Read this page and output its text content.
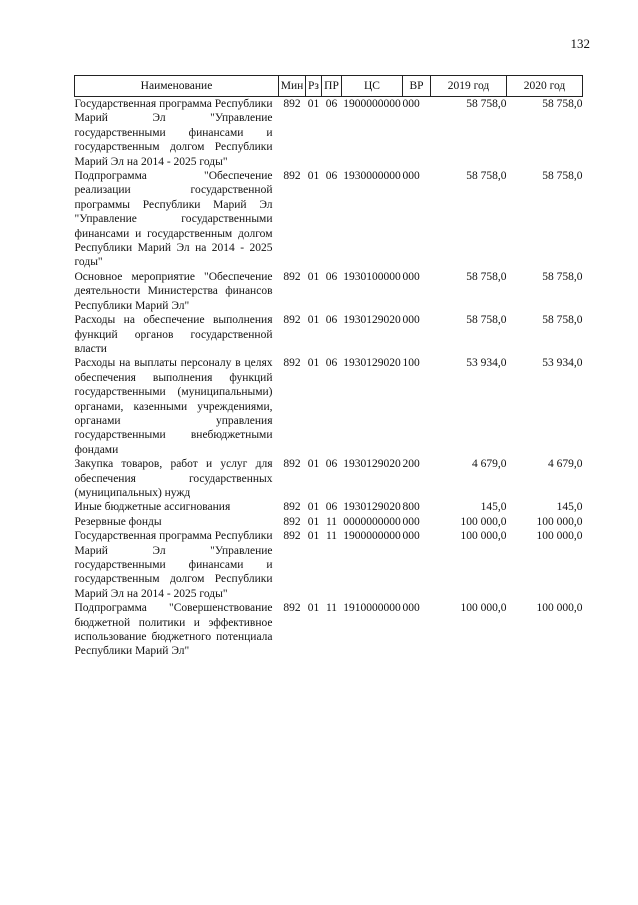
132
Наименование	Мин	Рз	ПР	ЦС	ВР	2019 год	2020 год
Государственная программа Республики Марий Эл "Управление государственными финансами и государственным долгом Республики Марий Эл на 2014 - 2025 годы"	892	01	06	1900000000	000	58 758,0	58 758,0
Подпрограмма "Обеспечение реализации государственной программы Республики Марий Эл "Управление государственными финансами и государственным долгом Республики Марий Эл на 2014 - 2025 годы"	892	01	06	1930000000	000	58 758,0	58 758,0
Основное мероприятие "Обеспечение деятельности Министерства финансов Республики Марий Эл"	892	01	06	1930100000	000	58 758,0	58 758,0
Расходы на обеспечение выполнения функций органов государственной власти	892	01	06	1930129020	000	58 758,0	58 758,0
Расходы на выплаты персоналу в целях обеспечения выполнения функций государственными (муниципальными) органами, казенными учреждениями, органами управления государственными внебюджетными фондами	892	01	06	1930129020	100	53 934,0	53 934,0
Закупка товаров, работ и услуг для обеспечения государственных (муниципальных) нужд	892	01	06	1930129020	200	4 679,0	4 679,0
Иные бюджетные ассигнования	892	01	06	1930129020	800	145,0	145,0
Резервные фонды	892	01	11	0000000000	000	100 000,0	100 000,0
Государственная программа Республики Марий Эл "Управление государственными финансами и государственным долгом Республики Марий Эл на 2014 - 2025 годы"	892	01	11	1900000000	000	100 000,0	100 000,0
Подпрограмма "Совершенствование бюджетной политики и эффективное использование бюджетного потенциала Республики Марий Эл"	892	01	11	1910000000	000	100 000,0	100 000,0
